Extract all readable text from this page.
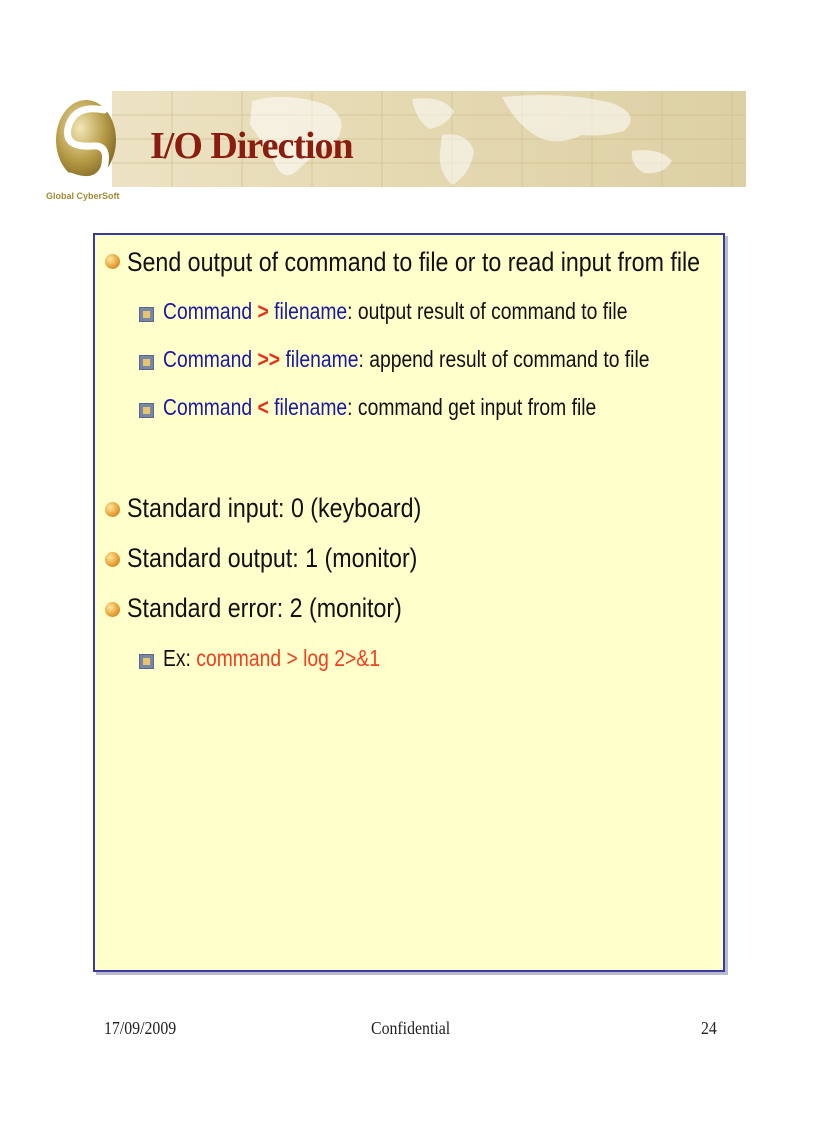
Global CyberSoft
I/O Direction
Send output of command to file or to read input from file
Command > filename: output result of command to file
Command >> filename: append result of command to file
Command < filename: command get input from file
Standard input: 0 (keyboard)
Standard output: 1 (monitor)
Standard error: 2 (monitor)
Ex: command > log 2>&1
17/09/2009	Confidential	24
